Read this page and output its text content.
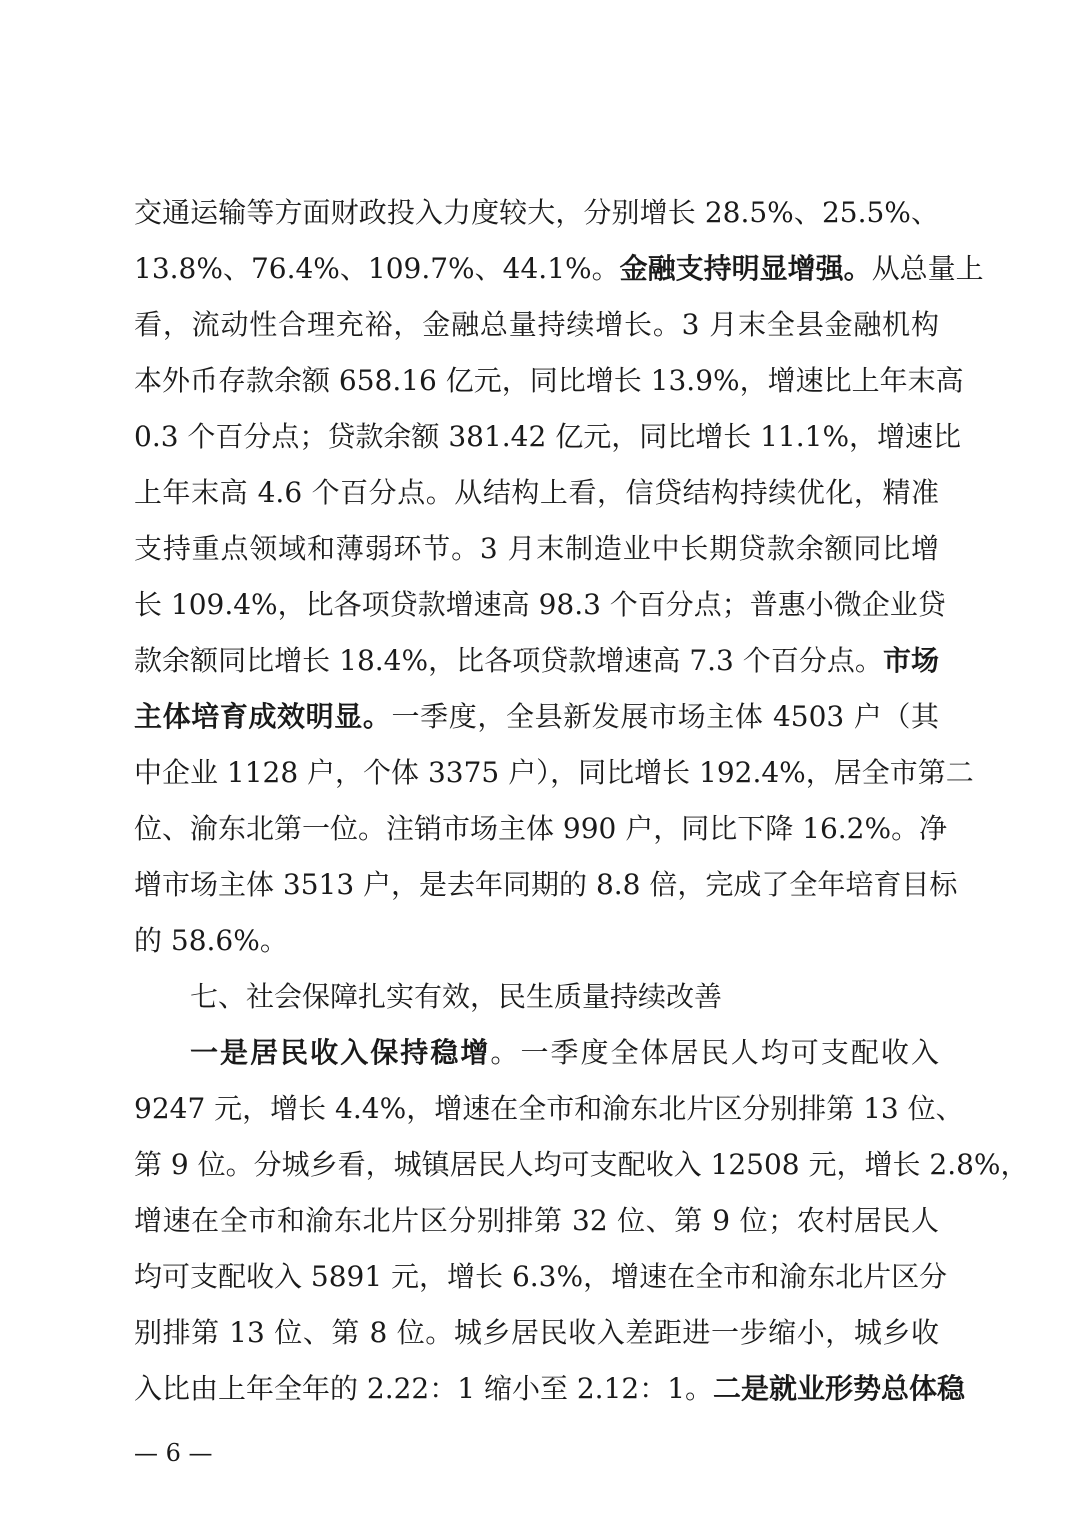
交通运输等方面财政投入力度较大，分别增长 28.5%、25.5%、
13.8%、76.4%、109.7%、44.1%。金融支持明显增强。从总量上
看，流动性合理充裕，金融总量持续增长。3 月末全县金融机构
本外币存款余额 658.16 亿元，同比增长 13.9%，增速比上年末高
0.3 个百分点；贷款余额 381.42 亿元，同比增长 11.1%，增速比
上年末高 4.6 个百分点。从结构上看，信贷结构持续优化，精准
支持重点领域和薄弱环节。3 月末制造业中长期贷款余额同比增
长 109.4%，比各项贷款增速高 98.3 个百分点；普惠小微企业贷
款余额同比增长 18.4%，比各项贷款增速高 7.3 个百分点。市场
主体培育成效明显。一季度，全县新发展市场主体 4503 户（其
中企业 1128 户，个体 3375 户），同比增长 192.4%，居全市第二
位、渝东北第一位。注销市场主体 990 户，同比下降 16.2%。净
增市场主体 3513 户，是去年同期的 8.8 倍，完成了全年培育目标
的 58.6%。
七、社会保障扎实有效，民生质量持续改善
一是居民收入保持稳增。一季度全体居民人均可支配收入
9247 元，增长 4.4%，增速在全市和渝东北片区分别排第 13 位、
第 9 位。分城乡看，城镇居民人均可支配收入 12508 元，增长 2.8%，
增速在全市和渝东北片区分别排第 32 位、第 9 位；农村居民人
均可支配收入 5891 元，增长 6.3%，增速在全市和渝东北片区分
别排第 13 位、第 8 位。城乡居民收入差距进一步缩小，城乡收
入比由上年全年的 2.22：1 缩小至 2.12：1。二是就业形势总体稳
— 6 —
